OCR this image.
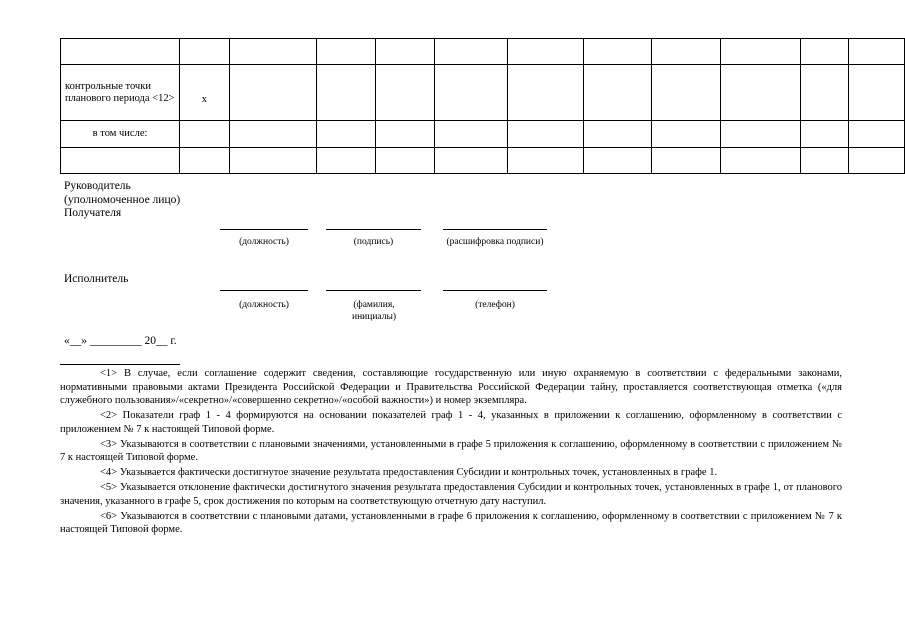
контрольные точки планового периода <12>	x										
в том числе:											

Руководитель (уполномоченное лицо) Получателя
(должность)	(подпись)	(расшифровка подписи)
Исполнитель
(должность)	(фамилия, инициалы)
(телефон)
«__» _________ 20__ г.

<1> В случае, если соглашение содержит сведения, составляющие государственную или иную охраняемую в соответствии с федеральными законами, нормативными правовыми актами Президента Российской Федерации и Правительства Российской Федерации тайну, проставляется соответствующая отметка («для служебного пользования»/«секретно»/«совершенно секретно»/«особой важности») и номер экземпляра.

<2> Показатели граф 1 - 4 формируются на основании показателей граф 1 - 4, указанных в приложении к соглашению, оформленному в соответствии с приложением № 7 к настоящей Типовой форме.

<3> Указываются в соответствии с плановыми значениями, установленными в графе 5 приложения к соглашению, оформленному в соответствии с приложением № 7 к настоящей Типовой форме.

<4> Указывается фактически достигнутое значение результата предоставления Субсидии и контрольных точек, установленных в графе 1.

<5> Указывается отклонение фактически достигнутого значения результата предоставления Субсидии и контрольных точек, установленных в графе 1, от планового значения, указанного в графе 5, срок достижения по которым на соответствующую отчетную дату наступил.

<6> Указываются в соответствии с плановыми датами, установленными в графе 6 приложения к соглашению, оформленному в соответствии с приложением № 7 к настоящей Типовой форме.
